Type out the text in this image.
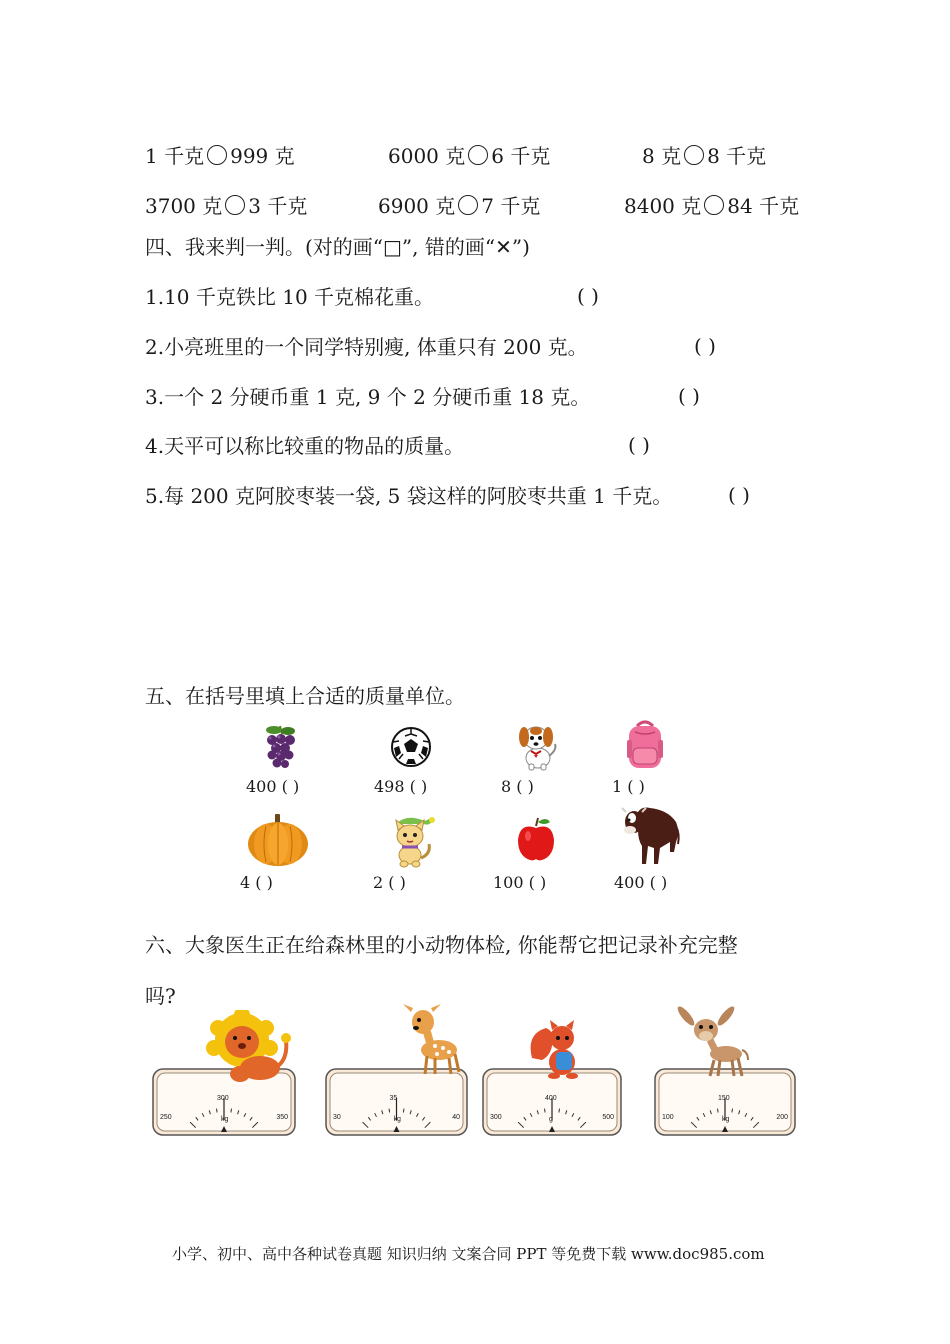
1 千克 999 克	6000 克 6 千克	8 克 8 千克
3700 克 3 千克	6900 克 7 千克	8400 克 84 千克
四、我来判一判。(对的画“□”, 错的画“✕”)
1.10 千克铁比 10 千克棉花重。	( )
2.小亮班里的一个同学特别瘦, 体重只有 200 克。	( )
3.一个 2 分硬币重 1 克, 9 个 2 分硬币重 18 克。	( )
4.天平可以称比较重的物品的质量。	( )
5.每 200 克阿胶枣装一袋, 5 袋这样的阿胶枣共重 1 千克。	( )
五、在括号里填上合适的质量单位。
400 ( )	498 ( )	8 ( )	1 ( )
4 ( )	2 ( )	100 ( )	400 ( )
六、大象医生正在给森林里的小动物体检, 你能帮它把记录补充完整
吗?
250
300
350
kg	30
35
40
kg	300
400
500
g	100
150
200
kg
小学、初中、高中各种试卷真题 知识归纳 文案合同 PPT 等免费下载 www.doc985.com
